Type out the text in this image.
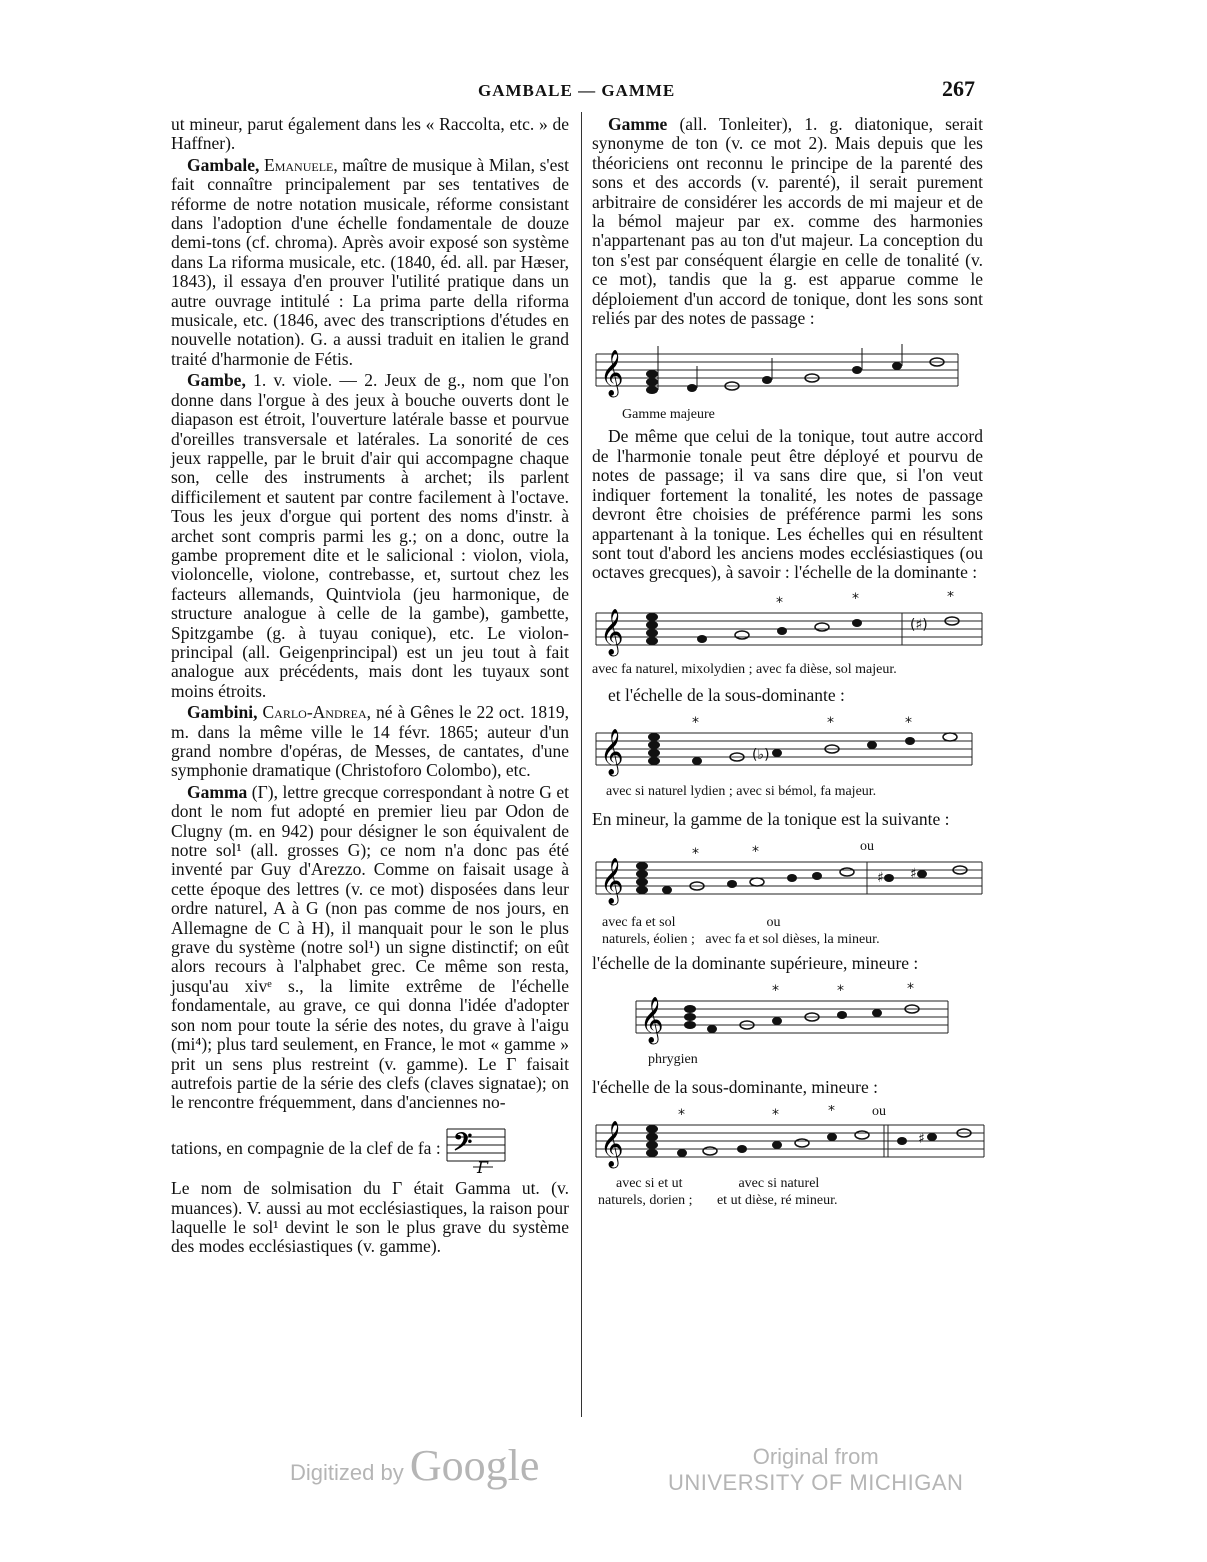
GAMBALE — GAMME	267

ut mineur, parut également dans les « Raccolta, etc. » de Haffner).

Gambale, Emanuele, maître de musique à Milan, s'est fait connaître principalement par ses tentatives de réforme de notre notation musicale, réforme consistant dans l'adoption d'une échelle fondamentale de douze demi-tons (cf. chroma). Après avoir exposé son système dans La riforma musicale, etc. (1840, éd. all. par Hæser, 1843), il essaya d'en prouver l'utilité pratique dans un autre ouvrage intitulé : La prima parte della riforma musicale, etc. (1846, avec des transcriptions d'études en nouvelle notation). G. a aussi traduit en italien le grand traité d'harmonie de Fétis.

Gambe, 1. v. viole. — 2. Jeux de g., nom que l'on donne dans l'orgue à des jeux à bouche ouverts dont le diapason est étroit, l'ouverture latérale basse et pourvue d'oreilles transversale et latérales. La sonorité de ces jeux rappelle, par le bruit d'air qui accompagne chaque son, celle des instruments à archet; ils parlent difficilement et sautent par contre facilement à l'octave. Tous les jeux d'orgue qui portent des noms d'instr. à archet sont compris parmi les g.; on a donc, outre la gambe proprement dite et le salicional : violon, viola, violoncelle, violone, contrebasse, et, surtout chez les facteurs allemands, Quintviola (jeu harmonique, de structure analogue à celle de la gambe), gambette, Spitzgambe (g. à tuyau conique), etc. Le violon-principal (all. Geigenprincipal) est un jeu tout à fait analogue aux précédents, mais dont les tuyaux sont moins étroits.

Gambini, Carlo-Andrea, né à Gênes le 22 oct. 1819, m. dans la même ville le 14 févr. 1865; auteur d'un grand nombre d'opéras, de Messes, de cantates, d'une symphonie dramatique (Christoforo Colombo), etc.

Gamma (Γ), lettre grecque correspondant à notre G et dont le nom fut adopté en premier lieu par Odon de Clugny (m. en 942) pour désigner le son équivalent de notre sol¹ (all. grosses G); ce nom n'a donc pas été inventé par Guy d'Arezzo. Comme on faisait usage à cette époque des lettres (v. ce mot) disposées dans leur ordre naturel, A à G (non pas comme de nos jours, en Allemagne de C à H), il manquait pour le son le plus grave du système (notre sol¹) un signe distinctif; on eût alors recours à l'alphabet grec. Ce même son resta, jusqu'au xivᵉ s., la limite extrême de l'échelle fondamentale, au grave, ce qui donna l'idée d'adopter son nom pour toute la série des notes, du grave à l'aigu (mi⁴); plus tard seulement, en France, le mot « gamme » prit un sens plus restreint (v. gamme). Le Γ faisait autrefois partie de la série des clefs (claves signatae); on le rencontre fréquemment, dans d'anciennes no-

tations, en compagnie de la clef de fa : 𝄢
Γ

Le nom de solmisation du Γ était Gamma ut. (v. muances). V. aussi au mot ecclésiastiques, la raison pour laquelle le sol¹ devint le son le plus grave du système des modes ecclésiastiques (v. gamme).

Gamme (all. Tonleiter), 1. g. diatonique, serait synonyme de ton (v. ce mot 2). Mais depuis que les théoriciens ont reconnu le principe de la parenté des sons et des accords (v. parenté), il serait purement arbitraire de considérer les accords de mi majeur et de la bémol majeur par ex. comme des harmonies n'appartenant pas au ton d'ut majeur. La conception du ton s'est par conséquent élargie en celle de tonalité (v. ce mot), tandis que la g. est apparue comme le déploiement d'un accord de tonique, dont les sons sont reliés par des notes de passage :

𝄞
Gamme majeure

De même que celui de la tonique, tout autre accord de l'harmonie tonale peut être déployé et pourvu de notes de passage; il va sans dire que, si l'on veut indiquer fortement la tonalité, les notes de passage devront être choisies de préférence parmi les sons appartenant à la tonique. Les échelles qui en résultent sont tout d'abord les anciens modes ecclésiastiques (ou octaves grecques), à savoir : l'échelle de la dominante :

𝄞
*	*	*
(♯)
avec fa naturel, mixolydien ; avec fa dièse, sol majeur.

et l'échelle de la sous-dominante :

𝄞
*	*	*
(♭)
avec si naturel lydien ; avec si bémol, fa majeur.

En mineur, la gamme de la tonique est la suivante :

𝄞
*	*
♯ ♯
ou
avec fa et sol                          ou
naturels, éolien ;   avec fa et sol dièses, la mineur.

l'échelle de la dominante supérieure, mineure :

𝄞
*	*	*
phrygien

l'échelle de la sous-dominante, mineure :

𝄞
*	*	*
♯
ou
avec si et ut                avec si naturel
naturels, dorien ;       et ut dièse, ré mineur.
Digitized by Google	Original from
UNIVERSITY OF MICHIGAN
